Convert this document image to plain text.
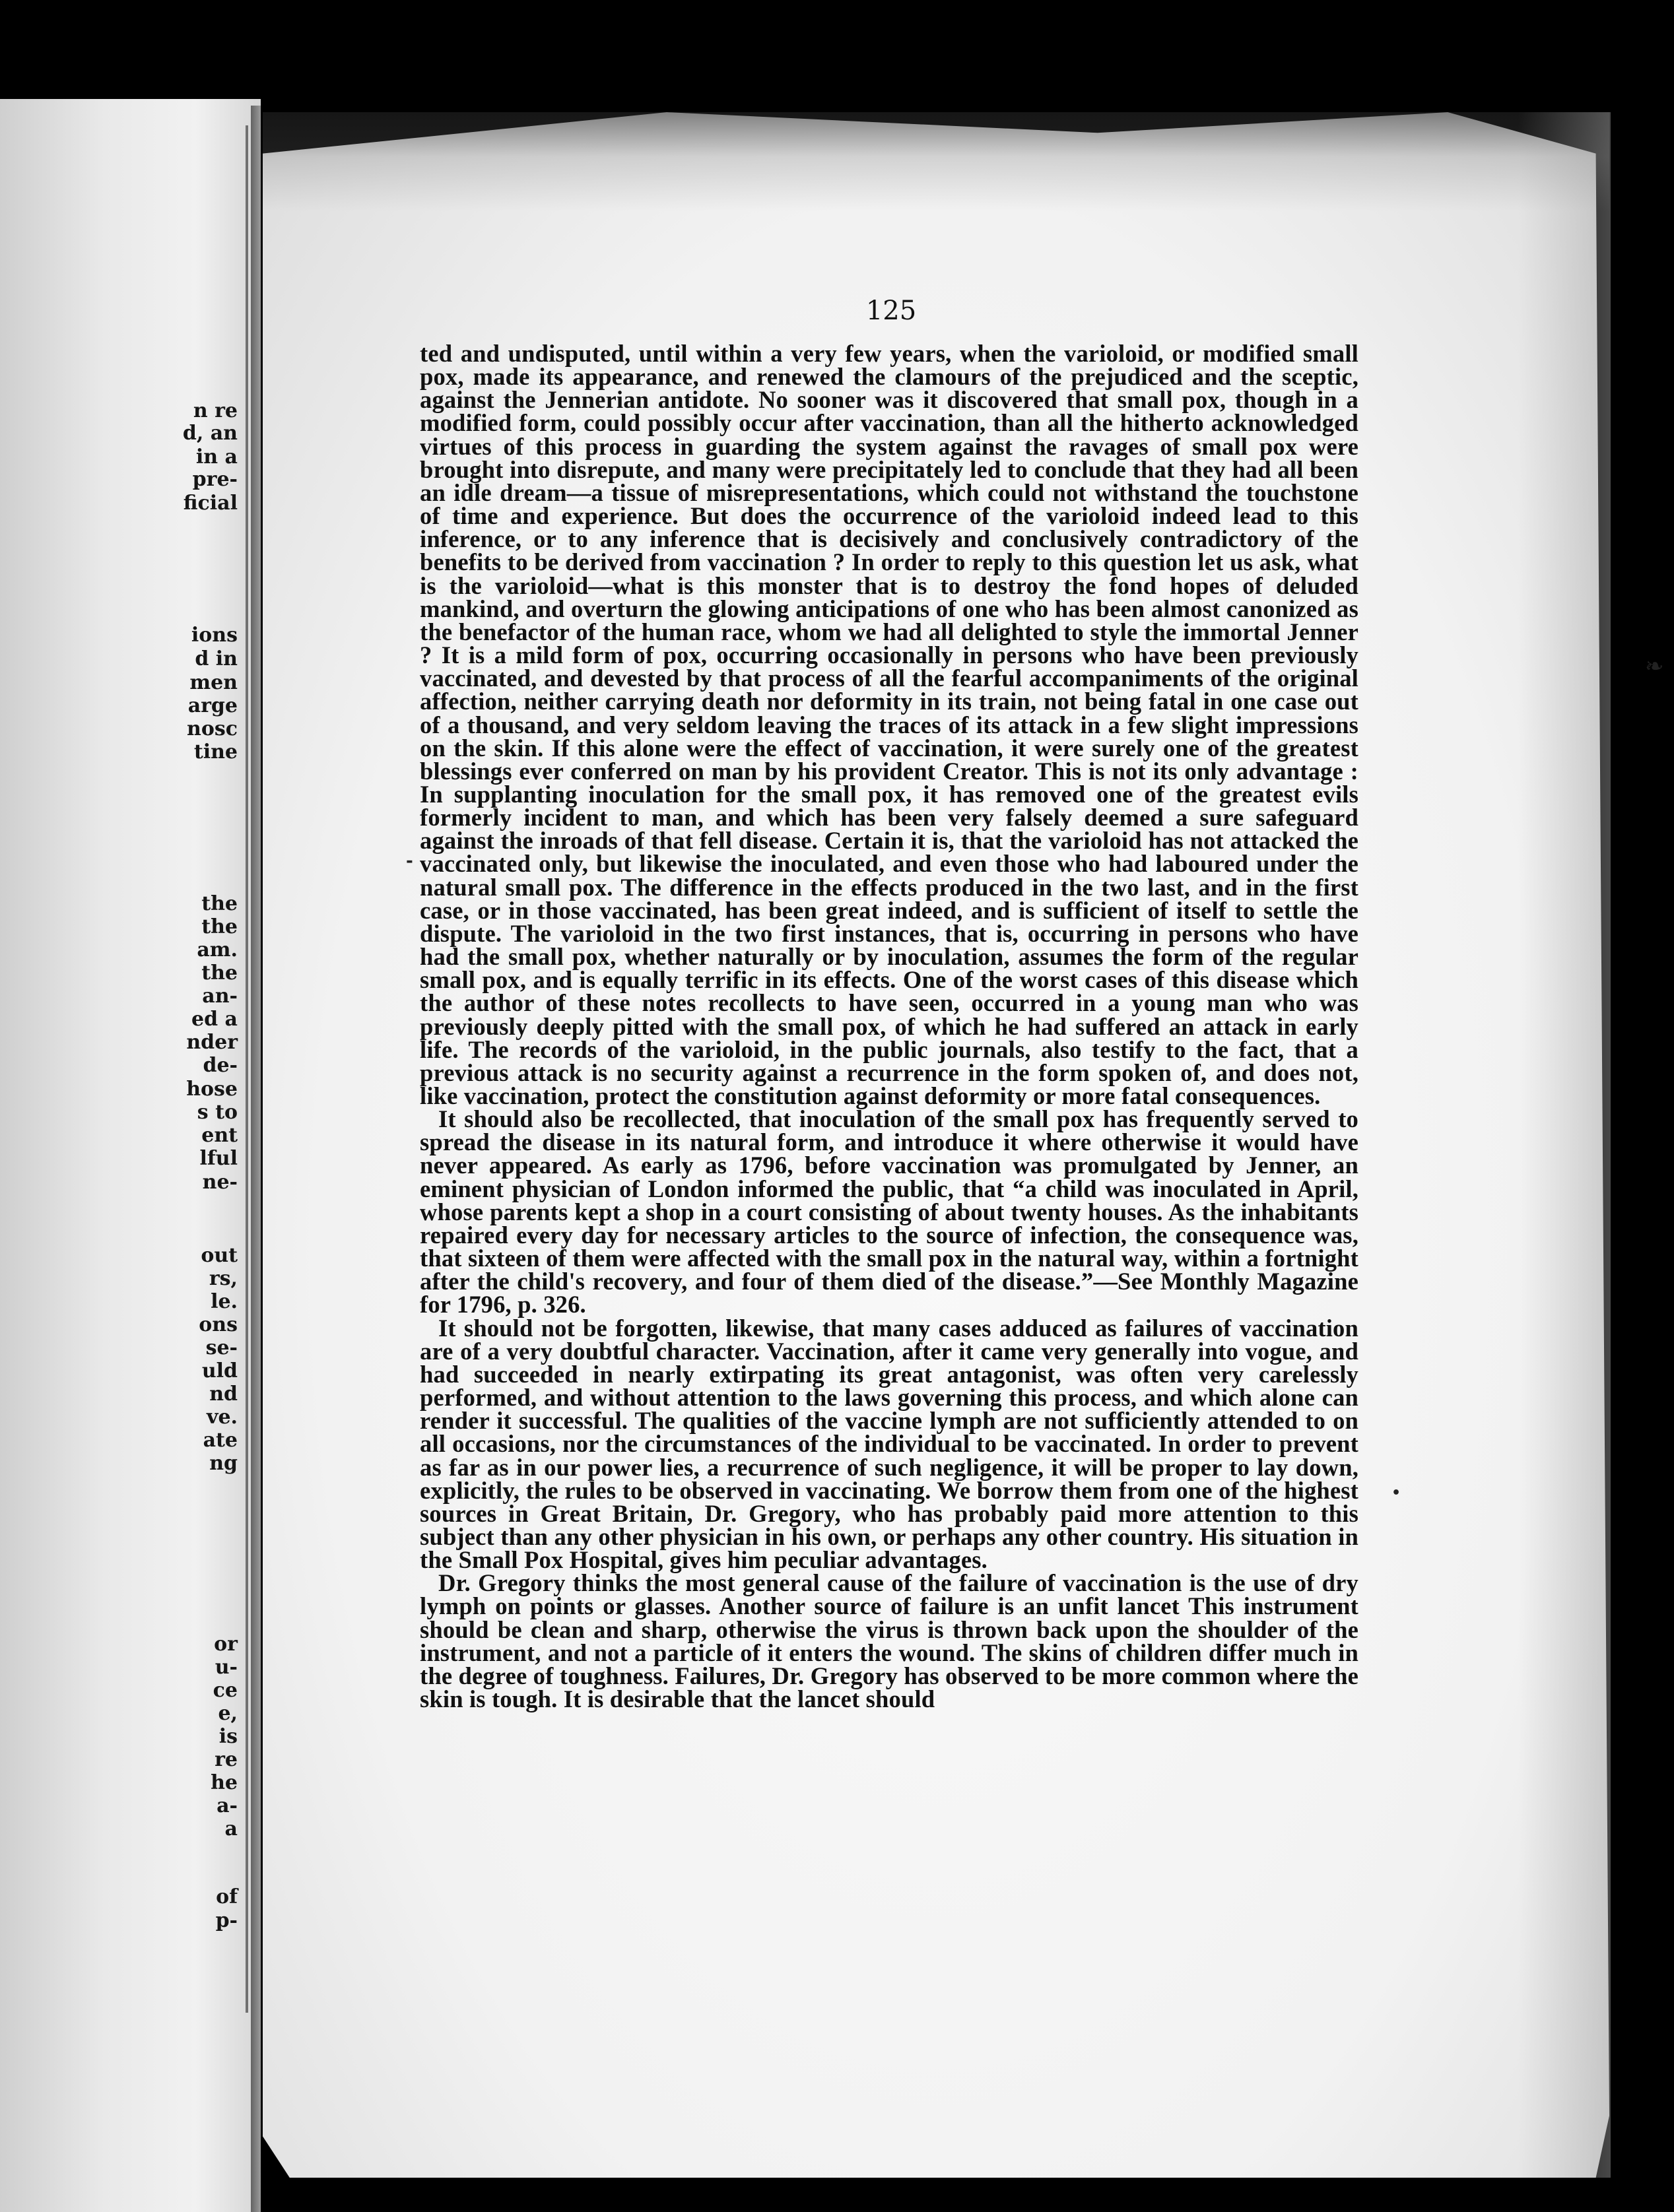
n re
d, an
in a
pre-
ficial
ions
d in
men
arge
nosc
tine
the
the
am.
the
an-
ed a
nder
de-
hose
s to
ent
lful
ne-
out
rs,
le.
ons
se-
uld
nd
ve.
ate
ng
or
u-
ce
e,
is
re
he
a-
a
of
p-
125

ted and undisputed, until within a very few years, when the varioloid, or modified small pox, made its appearance, and renewed the clamours of the prejudiced and the sceptic, against the Jennerian antidote. No sooner was it discovered that small pox, though in a modified form, could possibly occur after vaccination, than all the hitherto acknowledged virtues of this process in guarding the system against the ravages of small pox were brought into disrepute, and many were precipitately led to conclude that they had all been an idle dream—a tissue of misrepresentations, which could not withstand the touchstone of time and experience. But does the occurrence of the varioloid indeed lead to this inference, or to any inference that is decisively and conclusively contradictory of the benefits to be derived from vaccination ? In order to reply to this question let us ask, what is the varioloid—what is this monster that is to destroy the fond hopes of deluded mankind, and overturn the glowing anticipations of one who has been almost canonized as the benefactor of the human race, whom we had all delighted to style the immortal Jenner ? It is a mild form of pox, occurring occasionally in persons who have been previously vaccinated, and devested by that process of all the fearful accompaniments of the original affection, neither carrying death nor deformity in its train, not being fatal in one case out of a thousand, and very seldom leaving the traces of its attack in a few slight impressions on the skin. If this alone were the effect of vaccination, it were surely one of the greatest blessings ever conferred on man by his provident Creator. This is not its only advantage : In supplanting inoculation for the small pox, it has removed one of the greatest evils formerly incident to man, and which has been very falsely deemed a sure safeguard against the inroads of that fell disease. Certain it is, that the varioloid has not attacked the vaccinated only, but likewise the inoculated, and even those who had laboured under the natural small pox. The difference in the effects produced in the two last, and in the first case, or in those vaccinated, has been great indeed, and is sufficient of itself to settle the dispute. The varioloid in the two first instances, that is, occurring in persons who have had the small pox, whether naturally or by inoculation, assumes the form of the regular small pox, and is equally terrific in its effects. One of the worst cases of this disease which the author of these notes recollects to have seen, occurred in a young man who was previously deeply pitted with the small pox, of which he had suffered an attack in early life. The records of the varioloid, in the public journals, also testify to the fact, that a previous attack is no security against a recurrence in the form spoken of, and does not, like vaccination, protect the constitution against deformity or more fatal consequences.

It should also be recollected, that inoculation of the small pox has frequently served to spread the disease in its natural form, and introduce it where otherwise it would have never appeared. As early as 1796, before vaccination was promulgated by Jenner, an eminent physician of London informed the public, that “a child was inoculated in April, whose parents kept a shop in a court consisting of about twenty houses. As the inhabitants repaired every day for necessary articles to the source of infection, the consequence was, that sixteen of them were affected with the small pox in the natural way, within a fortnight after the child's recovery, and four of them died of the disease.”—See Monthly Magazine for 1796, p. 326.

It should not be forgotten, likewise, that many cases adduced as failures of vaccination are of a very doubtful character. Vaccination, after it came very generally into vogue, and had succeeded in nearly extirpating its great antagonist, was often very carelessly performed, and without attention to the laws governing this process, and which alone can render it successful. The qualities of the vaccine lymph are not sufficiently attended to on all occasions, nor the circumstances of the individual to be vaccinated. In order to prevent as far as in our power lies, a recurrence of such negligence, it will be proper to lay down, explicitly, the rules to be observed in vaccinating. We borrow them from one of the highest sources in Great Britain, Dr. Gregory, who has probably paid more attention to this subject than any other physician in his own, or perhaps any other country. His situation in the Small Pox Hospital, gives him peculiar advantages.

Dr. Gregory thinks the most general cause of the failure of vaccination is the use of dry lymph on points or glasses. Another source of failure is an unfit lancet This instrument should be clean and sharp, otherwise the virus is thrown back upon the shoulder of the instrument, and not a particle of it enters the wound. The skins of children differ much in the degree of toughness. Failures, Dr. Gregory has observed to be more common where the skin is tough. It is desirable that the lancet should

❧
•
-
